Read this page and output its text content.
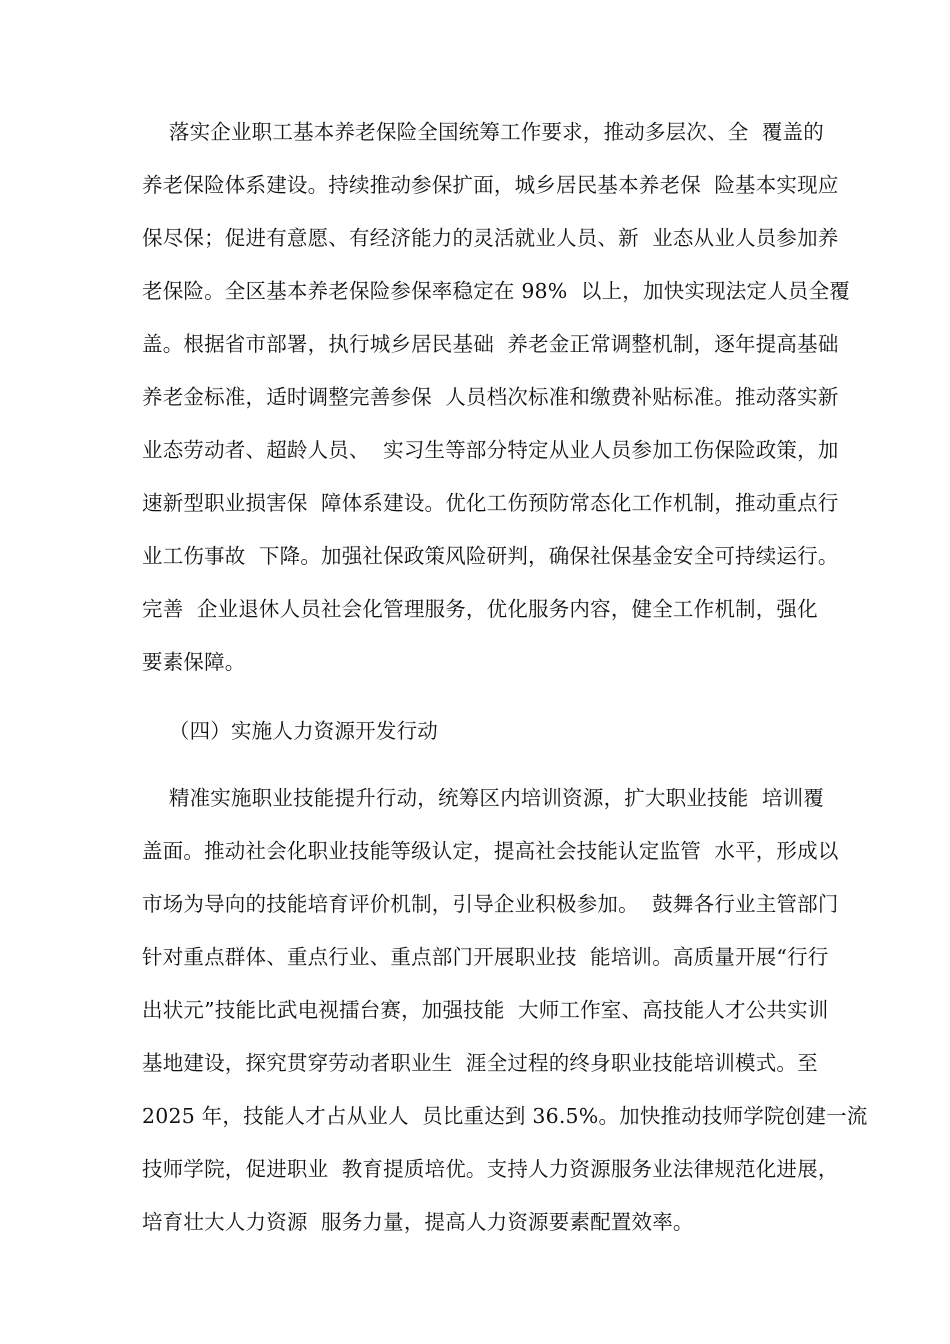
落实企业职工基本养老保险全国统筹工作要求，推动多层次、全  覆盖的
养老保险体系建设。持续推动参保扩面，城乡居民基本养老保  险基本实现应
保尽保；促进有意愿、有经济能力的灵活就业人员、新  业态从业人员参加养
老保险。全区基本养老保险参保率稳定在 98%  以上，加快实现法定人员全覆
盖。根据省市部署，执行城乡居民基础  养老金正常调整机制，逐年提高基础
养老金标准，适时调整完善参保  人员档次标准和缴费补贴标准。推动落实新
业态劳动者、超龄人员、  实习生等部分特定从业人员参加工伤保险政策，加
速新型职业损害保  障体系建设。优化工伤预防常态化工作机制，推动重点行
业工伤事故  下降。加强社保政策风险研判，确保社保基金安全可持续运行。
完善  企业退休人员社会化管理服务，优化服务内容，健全工作机制，强化
要素保障。
（四）实施人力资源开发行动
精准实施职业技能提升行动，统筹区内培训资源，扩大职业技能  培训覆
盖面。推动社会化职业技能等级认定，提高社会技能认定监管  水平，形成以
市场为导向的技能培育评价机制，引导企业积极参加。  鼓舞各行业主管部门
针对重点群体、重点行业、重点部门开展职业技  能培训。高质量开展“行行
出状元”技能比武电视擂台赛，加强技能  大师工作室、高技能人才公共实训
基地建设，探究贯穿劳动者职业生  涯全过程的终身职业技能培训模式。至
2025 年，技能人才占从业人  员比重达到 36.5%。加快推动技师学院创建一流
技师学院，促进职业  教育提质培优。支持人力资源服务业法律规范化进展，
培育壮大人力资源  服务力量，提高人力资源要素配置效率。
